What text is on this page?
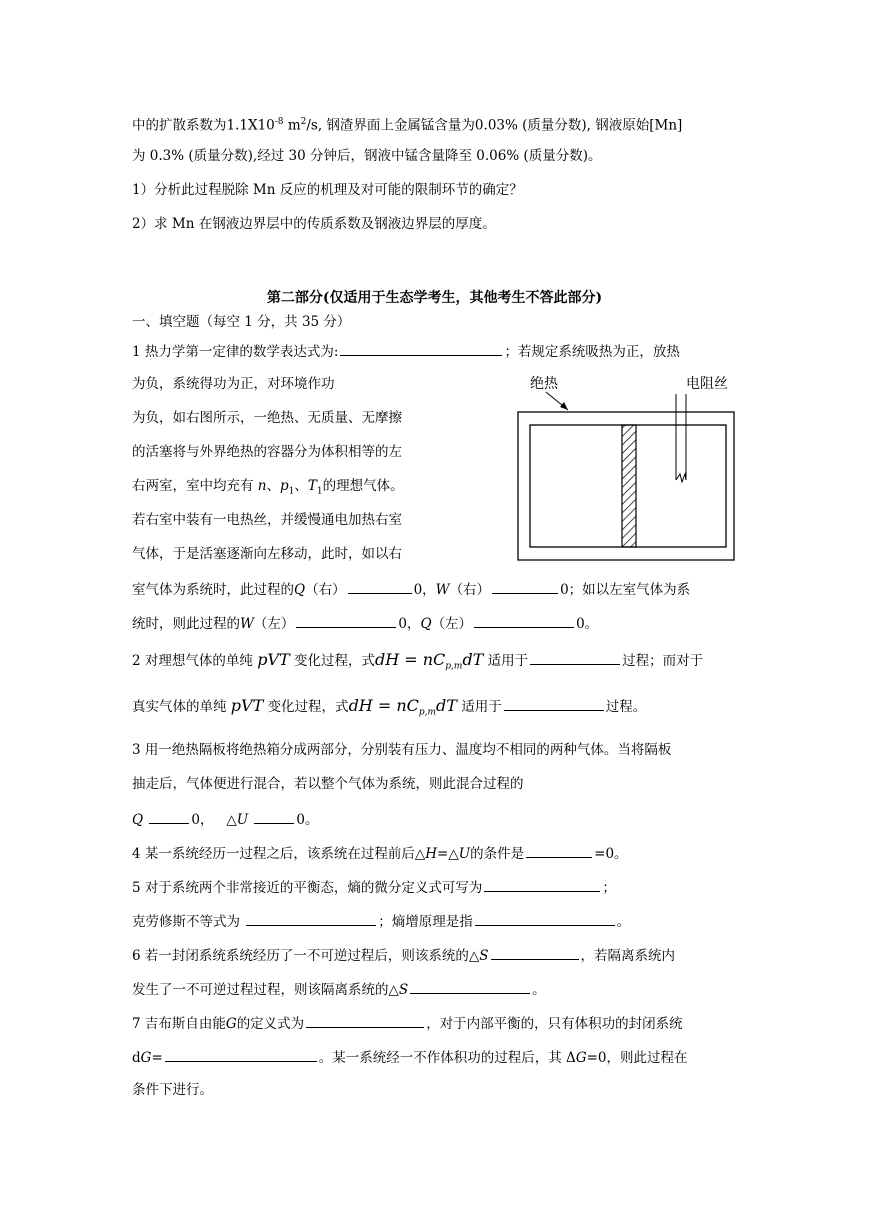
中的扩散系数为$1.1X10^{-8}$ $m^2/s$, 钢渣界面上金属锰含量为0.03% (质量分数), 钢液原始[Mn]
为 0.3% (质量分数),经过 30 分钟后，钢液中锰含量降至 0.06% (质量分数)。
1）分析此过程脱除 Mn 反应的机理及对可能的限制环节的确定？
2）求 Mn 在钢液边界层中的传质系数及钢液边界层的厚度。
第二部分(仅适用于生态学考生，其他考生不答此部分)
一、填空题（每空 1 分，共 35 分）
1 热力学第一定律的数学表达式为:	；若规定系统吸热为正，放热
为负，系统得功为正，对环境作功
为负，如右图所示，一绝热、无质量、无摩擦
的活塞将与外界绝热的容器分为体积相等的左
右两室，室中均充有 n、$p_1$、$T_1$的理想气体。
若右室中装有一电热丝，并缓慢通电加热右室
气体，于是活塞逐渐向左移动，此时，如以右
室气体为系统时，此过程的Q（右）	0，W（右）	0；如以左室气体为系
统时，则此过程的W（左）	0，Q（左）	0。
绝热	电阻丝
2 对理想气体的单纯 pVT 变化过程，式dH = $nC_{p,m}dT$ 适用于	过程；而对于
真实气体的单纯 pVT 变化过程，式dH = $nC_{p,m}dT$ 适用于	过程。
3 用一绝热隔板将绝热箱分成两部分，分别装有压力、温度均不相同的两种气体。当将隔板
抽走后，气体便进行混合，若以整个气体为系统，则此混合过程的
Q	0， △U	0。
4 某一系统经历一过程之后，该系统在过程前后△H=△U的条件是	=0。
5 对于系统两个非常接近的平衡态，熵的微分定义式可写为	；
克劳修斯不等式为	；熵增原理是指	。
6 若一封闭系统系统经历了一不可逆过程后，则该系统的△S	，若隔离系统内
发生了一不可逆过程过程，则该隔离系统的△S	。
7 吉布斯自由能G的定义式为	，对于内部平衡的，只有体积功的封闭系统
dG=	。某一系统经一不作体积功的过程后，其 ΔG=0，则此过程在
条件下进行。
